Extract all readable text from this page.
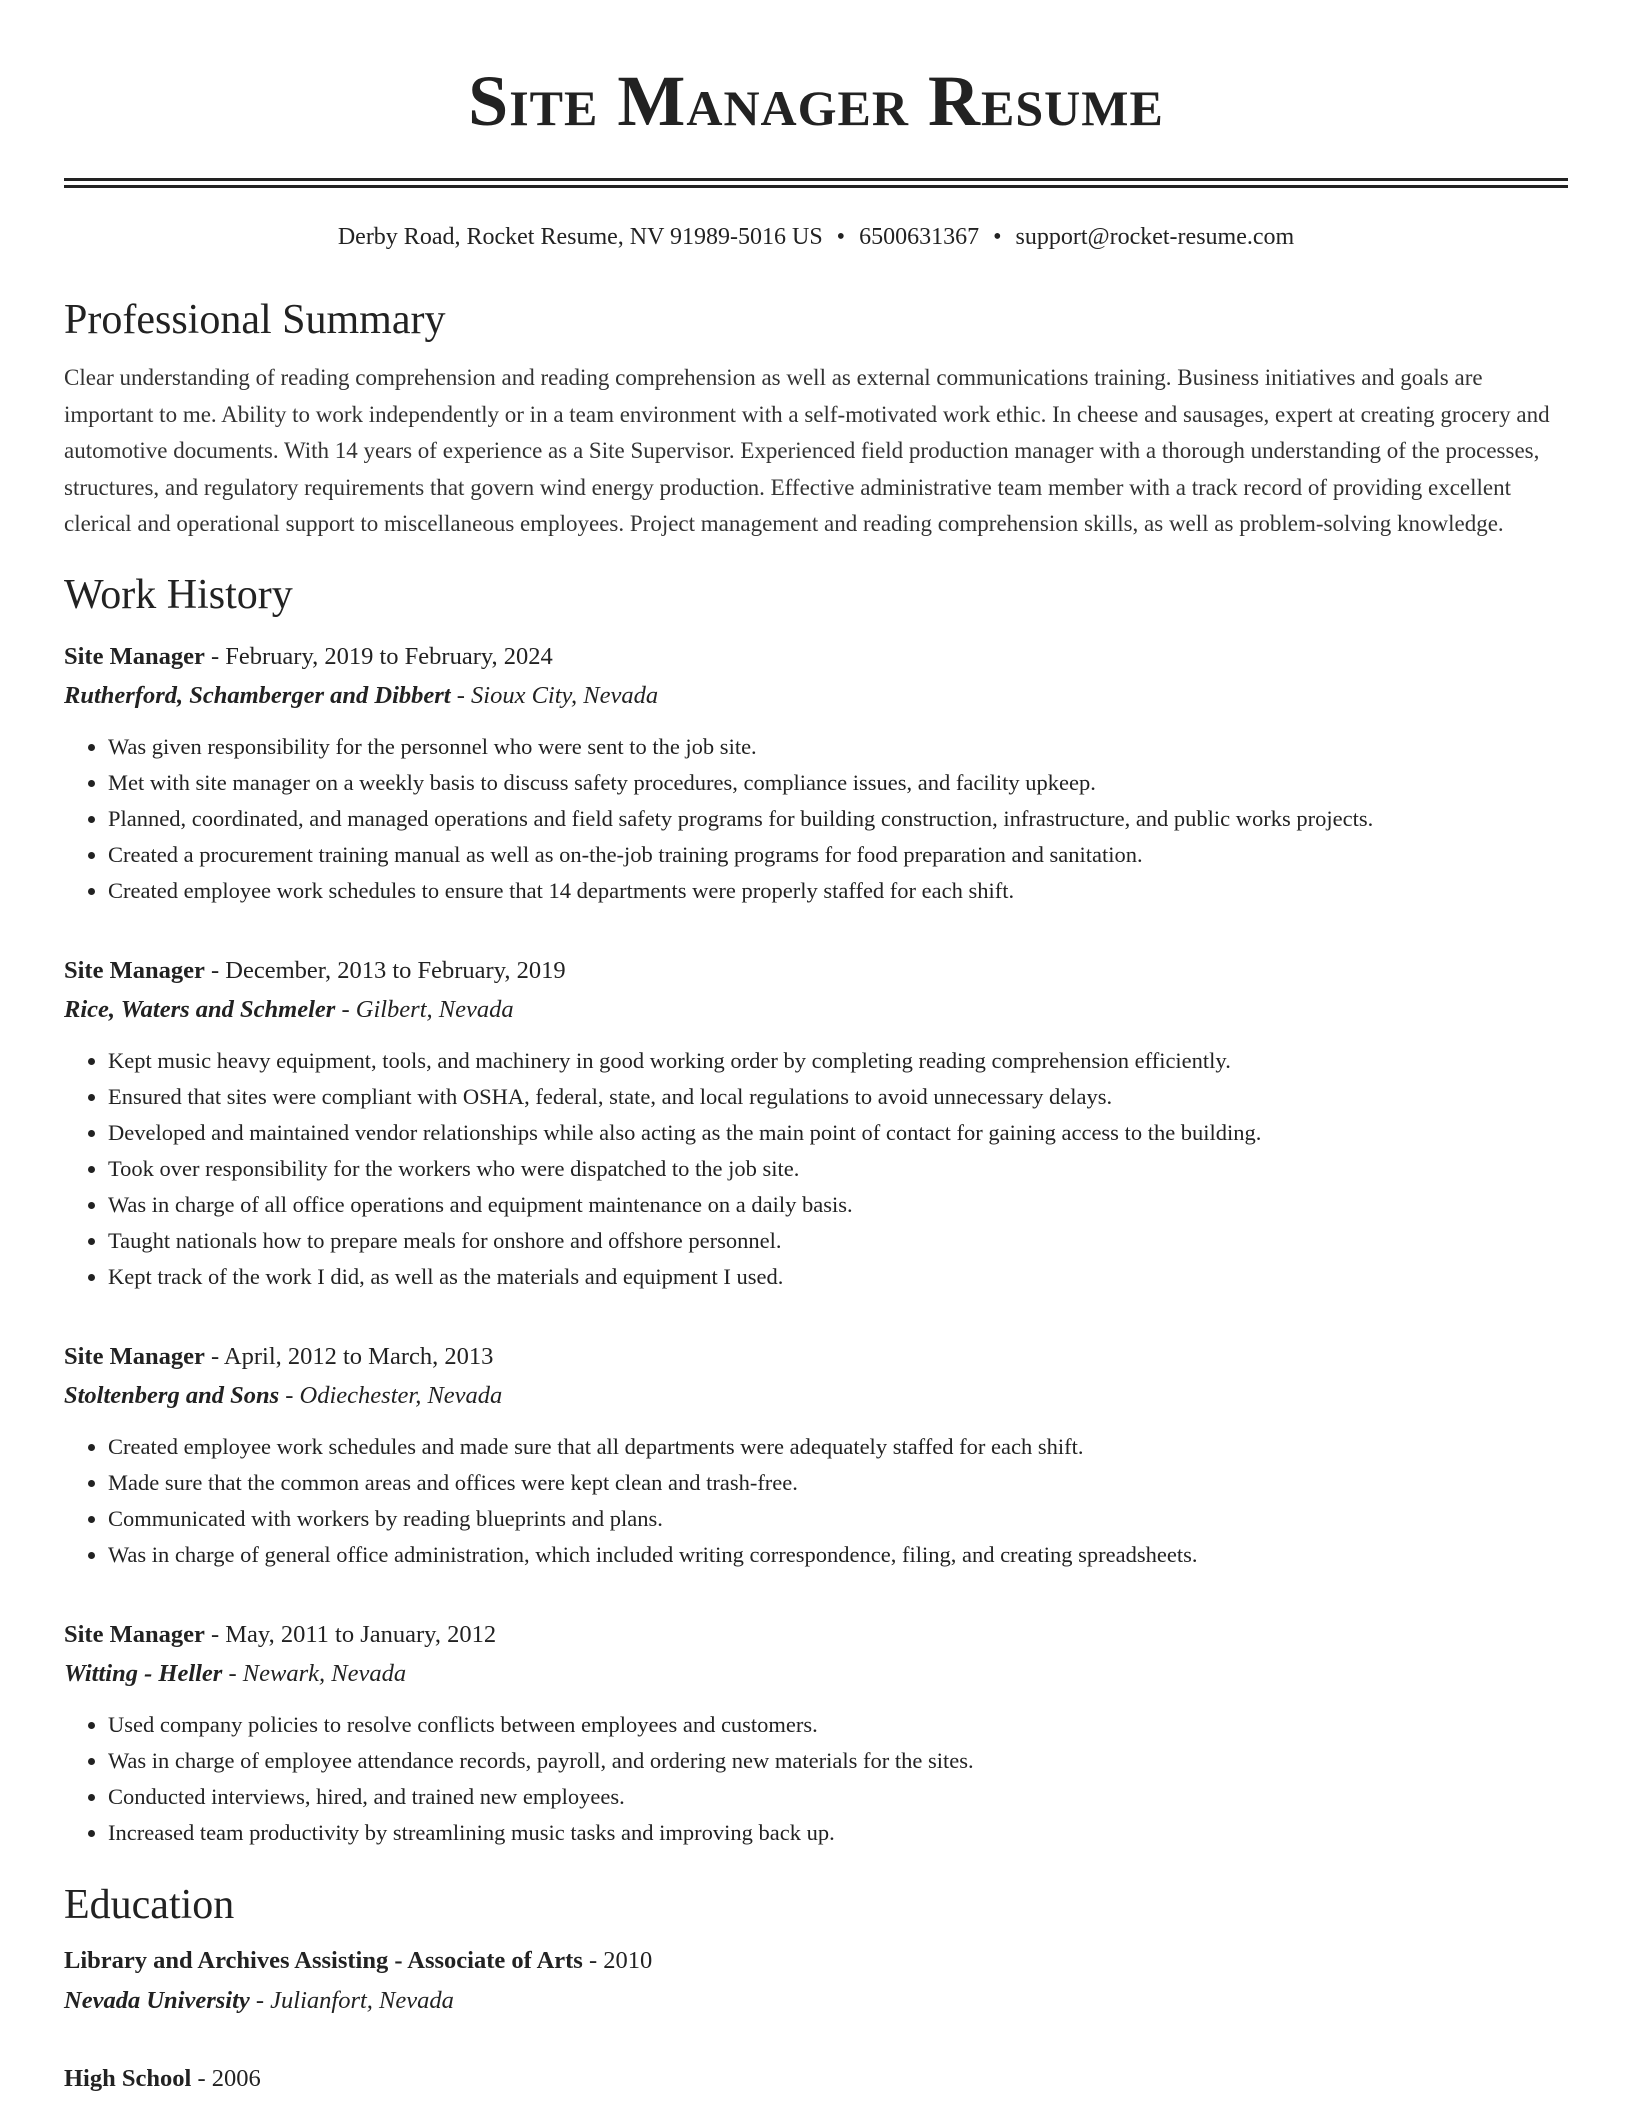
Site Manager Resume
Derby Road, Rocket Resume, NV 91989-5016 US • 6500631367 • support@rocket-resume.com
Professional Summary

Clear understanding of reading comprehension and reading comprehension as well as external communications training. Business initiatives and goals are important to me. Ability to work independently or in a team environment with a self-motivated work ethic. In cheese and sausages, expert at creating grocery and automotive documents. With 14 years of experience as a Site Supervisor. Experienced field production manager with a thorough understanding of the processes, structures, and regulatory requirements that govern wind energy production. Effective administrative team member with a track record of providing excellent clerical and operational support to miscellaneous employees. Project management and reading comprehension skills, as well as problem-solving knowledge.

Work History
Site Manager - February, 2019 to February, 2024
Rutherford, Schamberger and Dibbert - Sioux City, Nevada
• Was given responsibility for the personnel who were sent to the job site.
• Met with site manager on a weekly basis to discuss safety procedures, compliance issues, and facility upkeep.
• Planned, coordinated, and managed operations and field safety programs for building construction, infrastructure, and public works projects.
• Created a procurement training manual as well as on-the-job training programs for food preparation and sanitation.
• Created employee work schedules to ensure that 14 departments were properly staffed for each shift.
Site Manager - December, 2013 to February, 2019
Rice, Waters and Schmeler - Gilbert, Nevada
• Kept music heavy equipment, tools, and machinery in good working order by completing reading comprehension efficiently.
• Ensured that sites were compliant with OSHA, federal, state, and local regulations to avoid unnecessary delays.
• Developed and maintained vendor relationships while also acting as the main point of contact for gaining access to the building.
• Took over responsibility for the workers who were dispatched to the job site.
• Was in charge of all office operations and equipment maintenance on a daily basis.
• Taught nationals how to prepare meals for onshore and offshore personnel.
• Kept track of the work I did, as well as the materials and equipment I used.
Site Manager - April, 2012 to March, 2013
Stoltenberg and Sons - Odiechester, Nevada
• Created employee work schedules and made sure that all departments were adequately staffed for each shift.
• Made sure that the common areas and offices were kept clean and trash-free.
• Communicated with workers by reading blueprints and plans.
• Was in charge of general office administration, which included writing correspondence, filing, and creating spreadsheets.
Site Manager - May, 2011 to January, 2012
Witting - Heller - Newark, Nevada
• Used company policies to resolve conflicts between employees and customers.
• Was in charge of employee attendance records, payroll, and ordering new materials for the sites.
• Conducted interviews, hired, and trained new employees.
• Increased team productivity by streamlining music tasks and improving back up.
Education
Library and Archives Assisting - Associate of Arts - 2010
Nevada University - Julianfort, Nevada
High School - 2006
